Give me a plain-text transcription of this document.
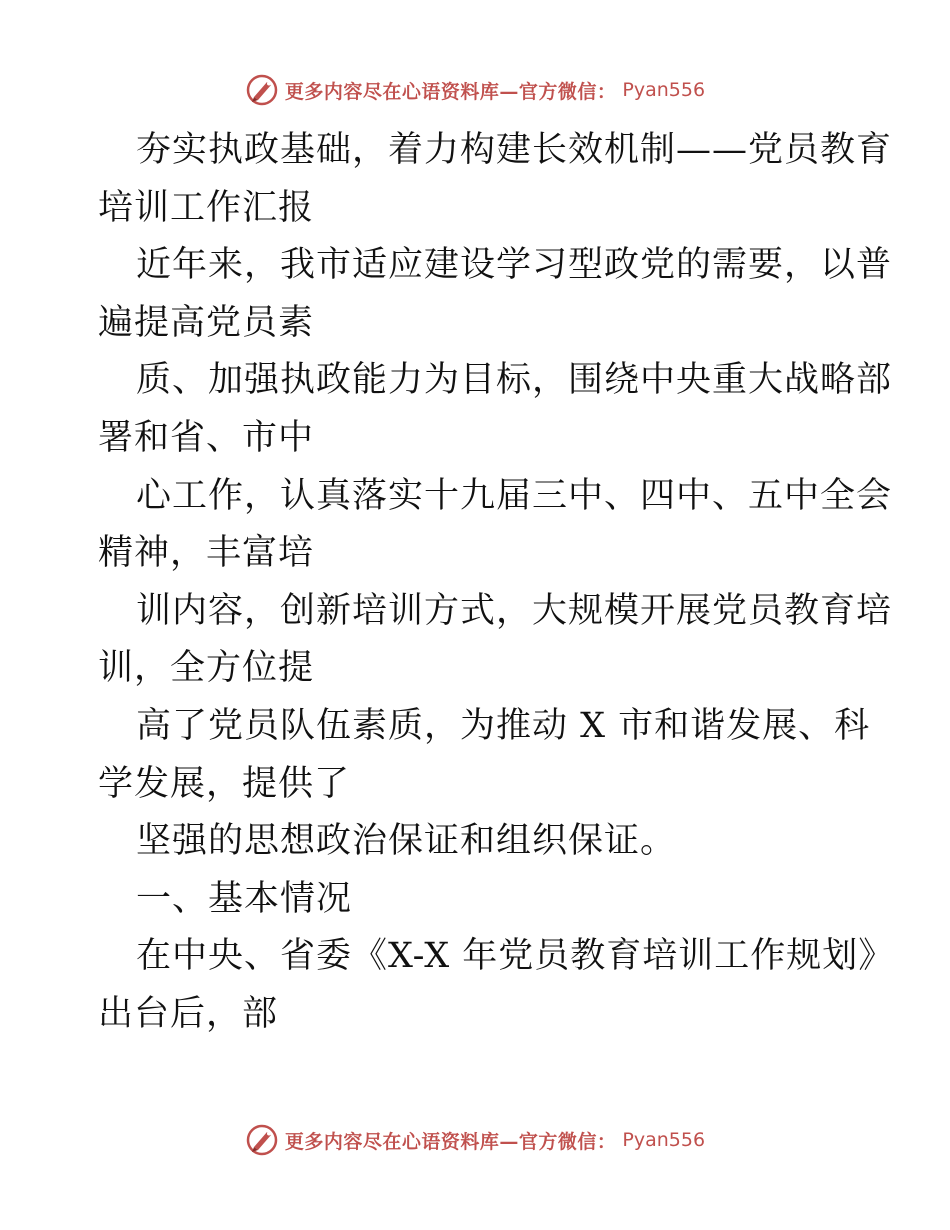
更多内容尽在心语资料库—官方微信： Pyan556
夯实执政基础，着力构建长效机制——党员教育
培训工作汇报
近年来，我市适应建设学习型政党的需要，以普
遍提高党员素
质、加强执政能力为目标，围绕中央重大战略部
署和省、市中
心工作，认真落实十九届三中、四中、五中全会
精神，丰富培
训内容，创新培训方式，大规模开展党员教育培
训，全方位提
高了党员队伍素质，为推动 X 市和谐发展、科
学发展，提供了
坚强的思想政治保证和组织保证。
一、基本情况
在中央、省委《X-X 年党员教育培训工作规划》
出台后，部
更多内容尽在心语资料库—官方微信： Pyan556
